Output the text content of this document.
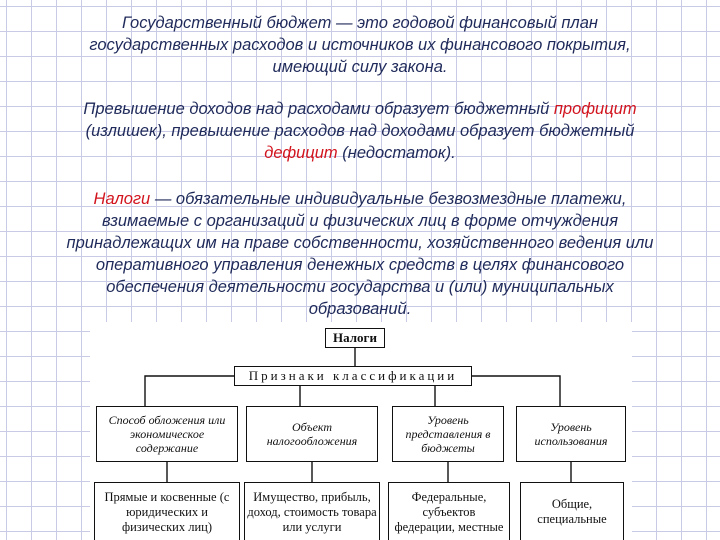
Государственный бюджет — это годовой финансовый план
государственных расходов и источников их финансового покрытия,
имеющий силу закона.

Превышение доходов над расходами образует бюджетный профицит
(излишек), превышение расходов над доходами образует бюджетный
дефицит (недостаток).

Налоги — обязательные индивидуальные безвозмездные платежи,
взимаемые с организаций и физических лиц в форме отчуждения
принадлежащих им на праве собственности, хозяйственного ведения или
оперативного управления денежных средств в целях финансового
обеспечения деятельности государства и (или) муниципальных
образований.

Налоги
Признаки классификации
Способ обложения или экономическое содержание
Объект налогообложения
Уровень представления в бюджеты
Уровень использования
Прямые и косвенные (с юридических и физических лиц)
Имущество, прибыль, доход, стоимость товара или услуги
Федеральные, субъектов федерации, местные
Общие, специальные
